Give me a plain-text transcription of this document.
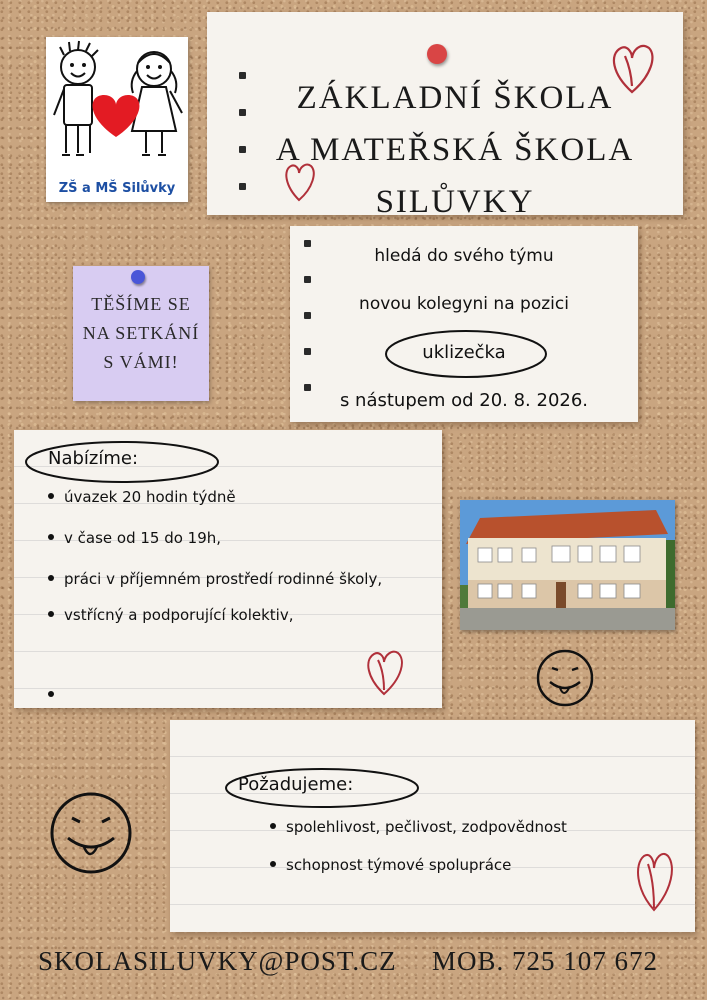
ZŠ a MŠ Silůvky
ZÁKLADNÍ ŠKOLA
A MATEŘSKÁ ŠKOLA
SILŮVKY
TĚŠÍME SE
NA SETKÁNÍ
S VÁMI!
hledá do svého týmu
novou kolegyni na pozici
uklizečka
s nástupem od 20. 8. 2026.
Nabízíme:
úvazek 20 hodin týdně
v čase od 15 do 19h,
práci v příjemném prostředí rodinné školy,
vstřícný a podporující kolektiv,
Požadujeme:
spolehlivost, pečlivost, zodpovědnost
schopnost týmové spolupráce
SKOLASILUVKY@POST.CZ MOB. 725 107 672
